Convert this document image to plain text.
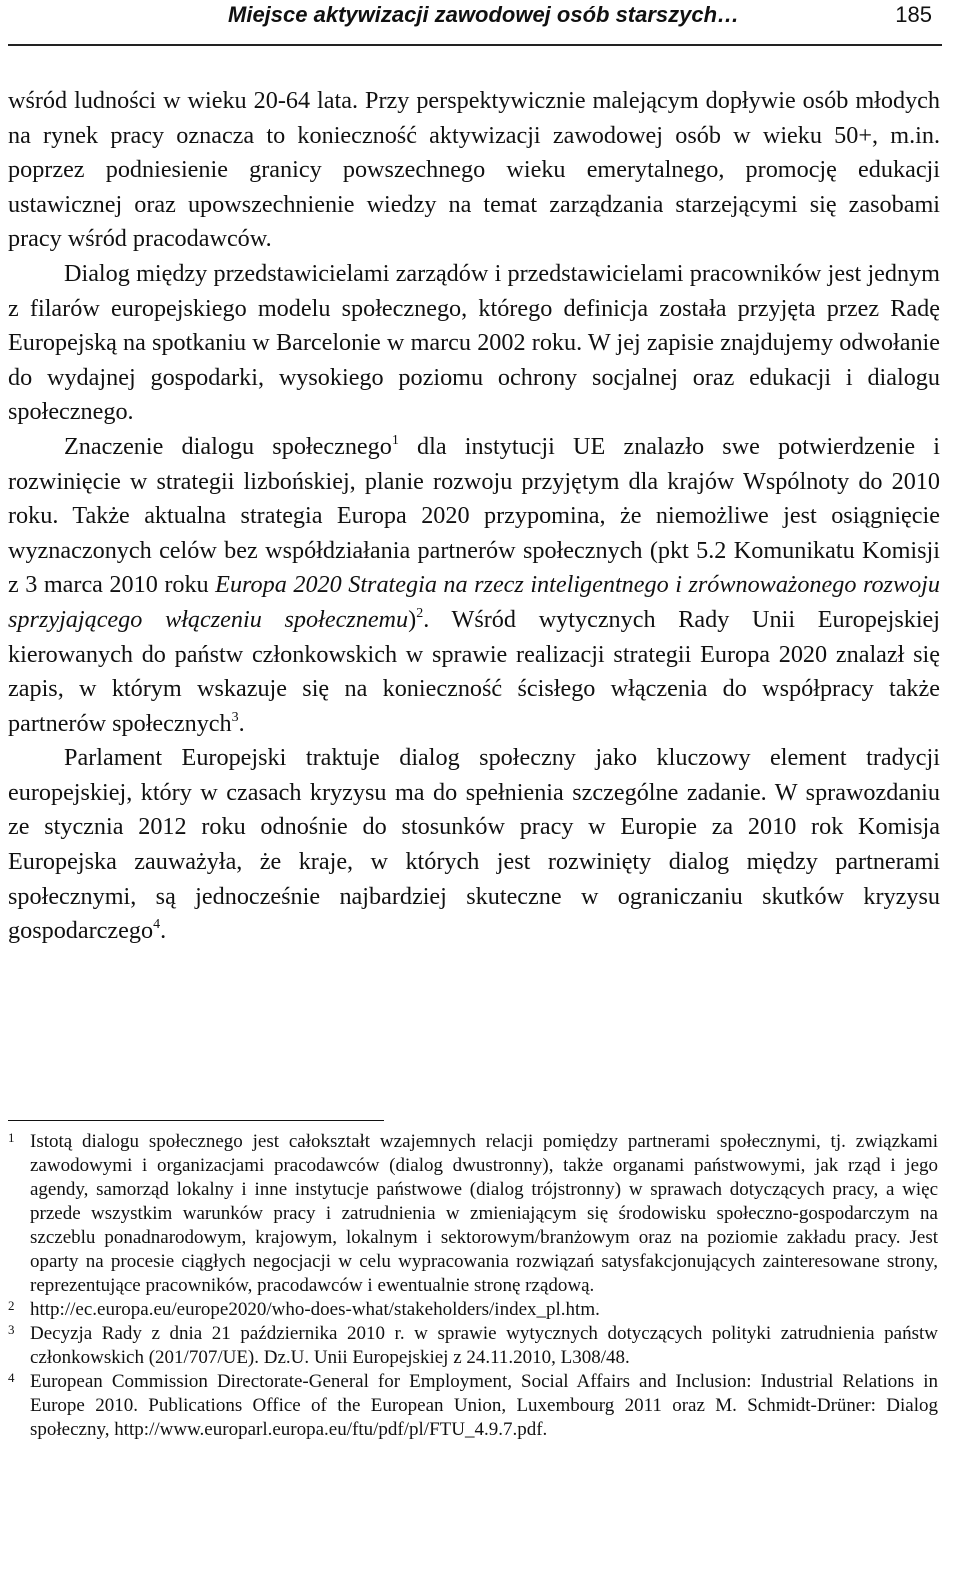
Miejsce aktywizacji zawodowej osób starszych…	185

wśród ludności w wieku 20-64 lata. Przy perspektywicznie malejącym dopływie osób młodych na rynek pracy oznacza to konieczność aktywizacji zawodowej osób w wieku 50+, m.in. poprzez podniesienie granicy powszechnego wieku emerytalnego, promocję edukacji ustawicznej oraz upowszechnienie wiedzy na temat zarządzania starzejącymi się zasobami pracy wśród pracodawców.

Dialog między przedstawicielami zarządów i przedstawicielami pracowników jest jednym z filarów europejskiego modelu społecznego, którego definicja została przyjęta przez Radę Europejską na spotkaniu w Barcelonie w marcu 2002 roku. W jej zapisie znajdujemy odwołanie do wydajnej gospodarki, wysokiego poziomu ochrony socjalnej oraz edukacji i dialogu społecznego.

Znaczenie dialogu społecznego$^1$ dla instytucji UE znalazło swe potwierdzenie i rozwinięcie w strategii lizbońskiej, planie rozwoju przyjętym dla krajów Wspólnoty do 2010 roku. Także aktualna strategia Europa 2020 przypomina, że niemożliwe jest osiągnięcie wyznaczonych celów bez współdziałania partnerów społecznych (pkt 5.2 Komunikatu Komisji z 3 marca 2010 roku Europa 2020 Strategia na rzecz inteligentnego i zrównoważonego rozwoju sprzyjającego włączeniu społecznemu)$^2$. Wśród wytycznych Rady Unii Europejskiej kierowanych do państw członkowskich w sprawie realizacji strategii Europa 2020 znalazł się zapis, w którym wskazuje się na konieczność ścisłego włączenia do współpracy także partnerów społecznych$^3$.

Parlament Europejski traktuje dialog społeczny jako kluczowy element tradycji europejskiej, który w czasach kryzysu ma do spełnienia szczególne zadanie. W sprawozdaniu ze stycznia 2012 roku odnośnie do stosunków pracy w Europie za 2010 rok Komisja Europejska zauważyła, że kraje, w których jest rozwinięty dialog między partnerami społecznymi, są jednocześnie najbardziej skuteczne w ograniczaniu skutków kryzysu gospodarczego$^4$.

1 Istotą dialogu społecznego jest całokształt wzajemnych relacji pomiędzy partnerami społecznymi, tj. związkami zawodowymi i organizacjami pracodawców (dialog dwustronny), także organami państwowymi, jak rząd i jego agendy, samorząd lokalny i inne instytucje państwowe (dialog trójstronny) w sprawach dotyczących pracy, a więc przede wszystkim warunków pracy i zatrudnienia w zmieniającym się środowisku społeczno-gospodarczym na szczeblu ponadnarodowym, krajowym, lokalnym i sektorowym/branżowym oraz na poziomie zakładu pracy. Jest oparty na procesie ciągłych negocjacji w celu wypracowania rozwiązań satysfakcjonujących zainteresowane strony, reprezentujące pracowników, pracodawców i ewentualnie stronę rządową.
2 http://ec.europa.eu/europe2020/who-does-what/stakeholders/index_pl.htm.
3 Decyzja Rady z dnia 21 października 2010 r. w sprawie wytycznych dotyczących polityki zatrudnienia państw członkowskich (201/707/UE). Dz.U. Unii Europejskiej z 24.11.2010, L308/48.
4 European Commission Directorate-General for Employment, Social Affairs and Inclusion: Industrial Relations in Europe 2010. Publications Office of the European Union, Luxembourg 2011 oraz M. Schmidt-Drüner: Dialog społeczny, http://www.europarl.europa.eu/ftu/pdf/pl/FTU_4.9.7.pdf.
